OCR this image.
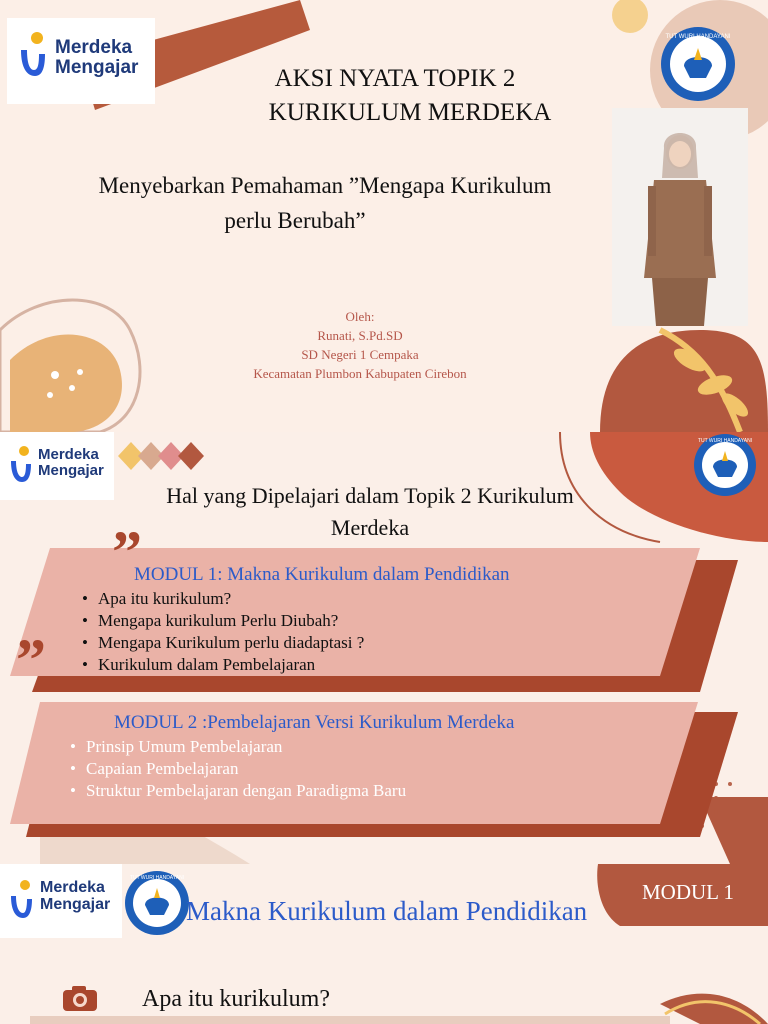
Merdeka
Mengajar
TUT WURI HANDAYANI
AKSI NYATA TOPIK 2
KURIKULUM MERDEKA
Menyebarkan Pemahaman ”Mengapa Kurikulum
perlu Berubah”
Oleh:
Runati, S.Pd.SD
SD Negeri 1 Cempaka
Kecamatan Plumbon Kabupaten Cirebon
”
”
Merdeka
Mengajar
TUT WURI HANDAYANI
Hal yang Dipelajari dalam Topik 2 Kurikulum
Merdeka
MODUL 1: Makna Kurikulum dalam Pendidikan
• Apa itu kurikulum?
• Mengapa kurikulum Perlu Diubah?
• Mengapa Kurikulum perlu diadaptasi ?
• Kurikulum dalam Pembelajaran
MODUL 2 :Pembelajaran Versi Kurikulum Merdeka
• Prinsip Umum Pembelajaran
• Capaian Pembelajaran
• Struktur Pembelajaran dengan Paradigma Baru
Merdeka
Mengajar
TUT WURI HANDAYANI
MODUL 1
Makna Kurikulum dalam Pendidikan
Apa itu kurikulum?
